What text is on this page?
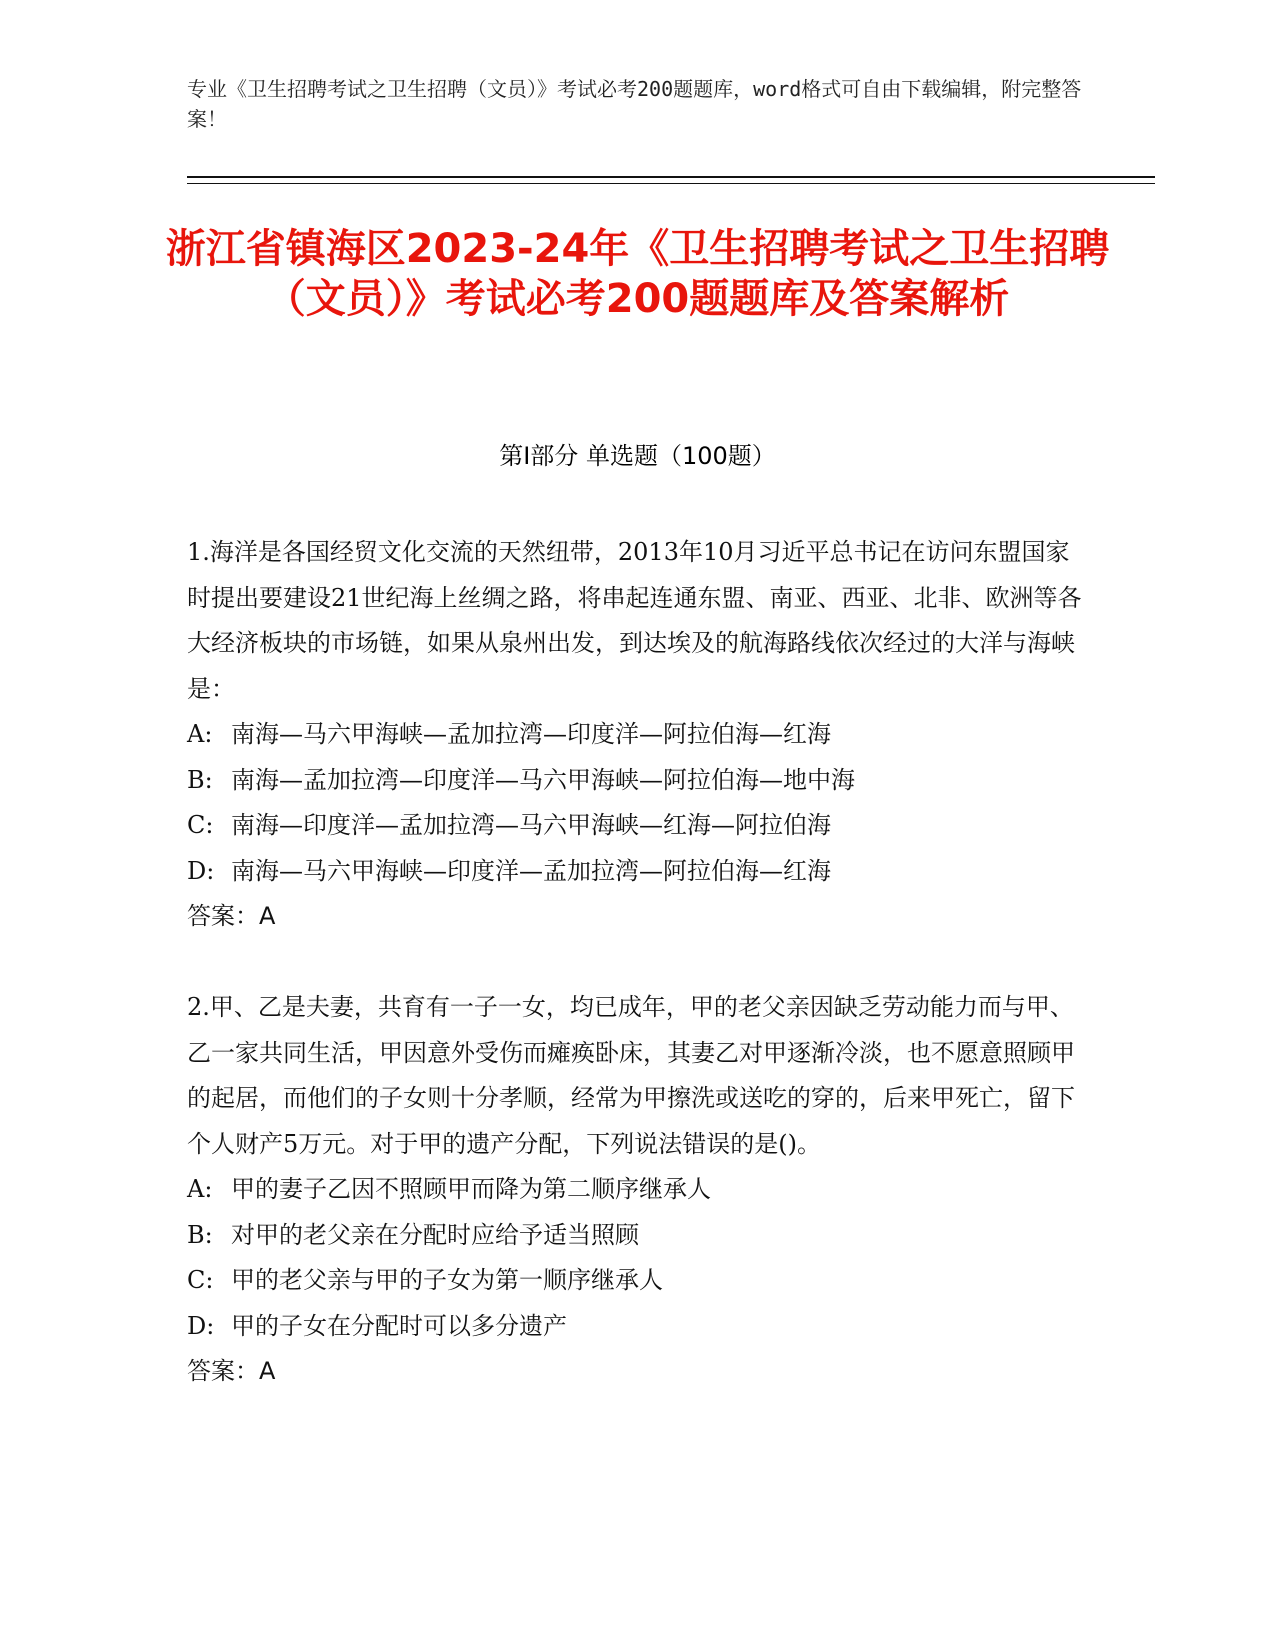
专业《卫生招聘考试之卫生招聘（文员）》考试必考200题题库，word格式可自由下载编辑，附完整答案！
浙江省镇海区2023-24年《卫生招聘考试之卫生招聘（文员）》考试必考200题题库及答案解析
第I部分 单选题（100题）

1.海洋是各国经贸文化交流的天然纽带，2013年10月习近平总书记在访问东盟国家时提出要建设21世纪海上丝绸之路，将串起连通东盟、南亚、西亚、北非、欧洲等各大经济板块的市场链，如果从泉州出发，到达埃及的航海路线依次经过的大洋与海峡是：

A: 南海—马六甲海峡—孟加拉湾—印度洋—阿拉伯海—红海

B: 南海—孟加拉湾—印度洋—马六甲海峡—阿拉伯海—地中海

C: 南海—印度洋—孟加拉湾—马六甲海峡—红海—阿拉伯海

D: 南海—马六甲海峡—印度洋—孟加拉湾—阿拉伯海—红海

答案：A

2.甲、乙是夫妻，共育有一子一女，均已成年，甲的老父亲因缺乏劳动能力而与甲、乙一家共同生活，甲因意外受伤而瘫痪卧床，其妻乙对甲逐渐冷淡，也不愿意照顾甲的起居，而他们的子女则十分孝顺，经常为甲擦洗或送吃的穿的，后来甲死亡，留下个人财产5万元。对于甲的遗产分配，下列说法错误的是()。

A: 甲的妻子乙因不照顾甲而降为第二顺序继承人

B: 对甲的老父亲在分配时应给予适当照顾

C: 甲的老父亲与甲的子女为第一顺序继承人

D: 甲的子女在分配时可以多分遗产

答案：A
